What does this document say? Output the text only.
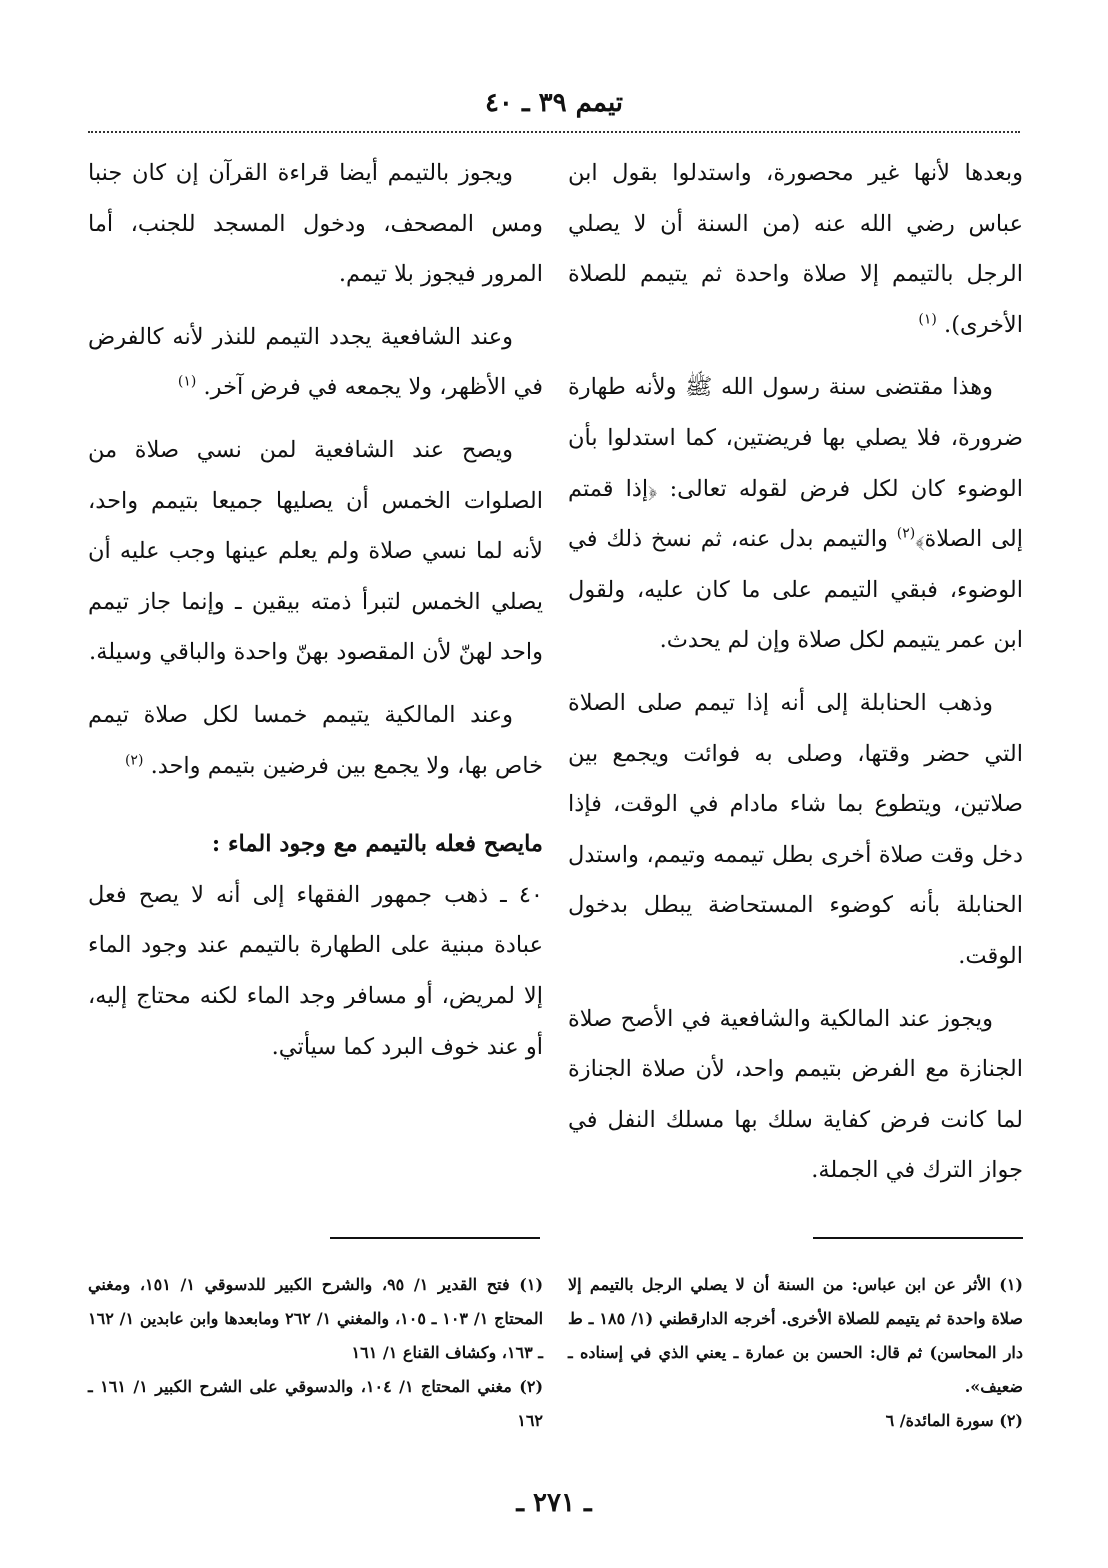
تيمم ٣٩ ـ ٤٠

وبعدها لأنها غير محصورة، واستدلوا بقول ابن عباس رضي الله عنه (من السنة أن لا يصلي الرجل بالتيمم إلا صلاة واحدة ثم يتيمم للصلاة الأخرى). $^{(١)}$

وهذا مقتضى سنة رسول الله ﷺ ولأنه طهارة ضرورة، فلا يصلي بها فريضتين، كما استدلوا بأن الوضوء كان لكل فرض لقوله تعالى: ﴿إذا قمتم إلى الصلاة﴾$^{(٢)}$ والتيمم بدل عنه، ثم نسخ ذلك في الوضوء، فبقي التيمم على ما كان عليه، ولقول ابن عمر يتيمم لكل صلاة وإن لم يحدث.

وذهب الحنابلة إلى أنه إذا تيمم صلى الصلاة التي حضر وقتها، وصلى به فوائت ويجمع بين صلاتين، ويتطوع بما شاء مادام في الوقت، فإذا دخل وقت صلاة أخرى بطل تيممه وتيمم، واستدل الحنابلة بأنه كوضوء المستحاضة يبطل بدخول الوقت.

ويجوز عند المالكية والشافعية في الأصح صلاة الجنازة مع الفرض بتيمم واحد، لأن صلاة الجنازة لما كانت فرض كفاية سلك بها مسلك النفل في جواز الترك في الجملة.

ويجوز بالتيمم أيضا قراءة القرآن إن كان جنبا ومس المصحف، ودخول المسجد للجنب، أما المرور فيجوز بلا تيمم.

وعند الشافعية يجدد التيمم للنذر لأنه كالفرض في الأظهر، ولا يجمعه في فرض آخر. $^{(١)}$

ويصح عند الشافعية لمن نسي صلاة من الصلوات الخمس أن يصليها جميعا بتيمم واحد، لأنه لما نسي صلاة ولم يعلم عينها وجب عليه أن يصلي الخمس لتبرأ ذمته بيقين ـ وإنما جاز تيمم واحد لهنّ لأن المقصود بهنّ واحدة والباقي وسيلة.

وعند المالكية يتيمم خمسا لكل صلاة تيمم خاص بها، ولا يجمع بين فرضين بتيمم واحد. $^{(٢)}$

مايصح فعله بالتيمم مع وجود الماء :

٤٠ ـ ذهب جمهور الفقهاء إلى أنه لا يصح فعل عبادة مبنية على الطهارة بالتيمم عند وجود الماء إلا لمريض، أو مسافر وجد الماء لكنه محتاج إليه، أو عند خوف البرد كما سيأتي.

(١) الأثر عن ابن عباس: من السنة أن لا يصلي الرجل بالتيمم إلا صلاة واحدة ثم يتيمم للصلاة الأخرى. أخرجه الدارقطني (١/ ١٨٥ ـ ط دار المحاسن) ثم قال: الحسن بن عمارة ـ يعني الذي في إسناده ـ ضعيف».

(٢) سورة المائدة/ ٦

(١) فتح القدير ١/ ٩٥، والشرح الكبير للدسوقي ١/ ١٥١، ومغني المحتاج ١/ ١٠٣ ـ ١٠٥، والمغني ١/ ٢٦٢ ومابعدها وابن عابدين ١/ ١٦٢ ـ ١٦٣، وكشاف القناع ١/ ١٦١

(٢) مغني المحتاج ١/ ١٠٤، والدسوقي على الشرح الكبير ١/ ١٦١ ـ ١٦٢

ـ ٢٧١ ـ
